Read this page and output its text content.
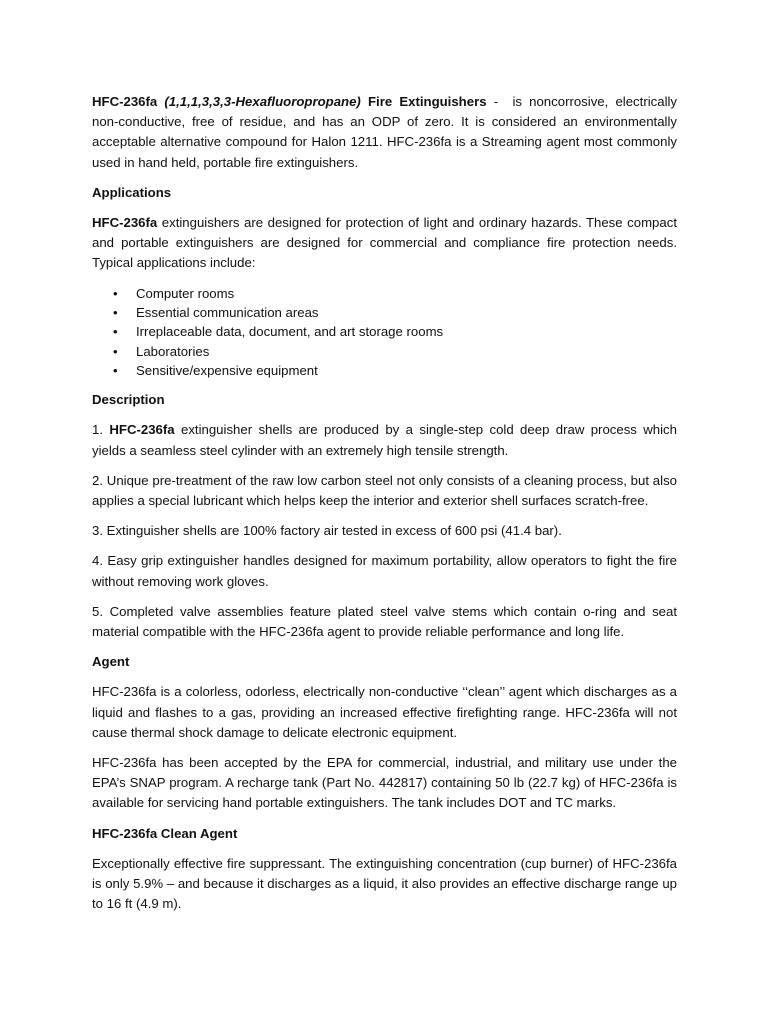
HFC-236fa (1,1,1,3,3,3-Hexafluoropropane) Fire Extinguishers - is noncorrosive, electrically non-conductive, free of residue, and has an ODP of zero. It is considered an environmentally acceptable alternative compound for Halon 1211. HFC-236fa is a Streaming agent most commonly used in hand held, portable fire extinguishers.

Applications

HFC-236fa extinguishers are designed for protection of light and ordinary hazards. These compact and portable extinguishers are designed for commercial and compliance fire protection needs. Typical applications include:

• Computer rooms
• Essential communication areas
• Irreplaceable data, document, and art storage rooms
• Laboratories
• Sensitive/expensive equipment
Description

1. HFC-236fa extinguisher shells are produced by a single-step cold deep draw process which yields a seamless steel cylinder with an extremely high tensile strength.

2. Unique pre-treatment of the raw low carbon steel not only consists of a cleaning process, but also applies a special lubricant which helps keep the interior and exterior shell surfaces scratch-free.

3. Extinguisher shells are 100% factory air tested in excess of 600 psi (41.4 bar).

4. Easy grip extinguisher handles designed for maximum portability, allow operators to fight the fire without removing work gloves.

5. Completed valve assemblies feature plated steel valve stems which contain o-ring and seat material compatible with the HFC-236fa agent to provide reliable performance and long life.

Agent

HFC-236fa is a colorless, odorless, electrically non-conductive ‘‘clean’’ agent which discharges as a liquid and flashes to a gas, providing an increased effective firefighting range. HFC-236fa will not cause thermal shock damage to delicate electronic equipment.

HFC-236fa has been accepted by the EPA for commercial, industrial, and military use under the EPA’s SNAP program. A recharge tank (Part No. 442817) containing 50 lb (22.7 kg) of HFC-236fa is available for servicing hand portable extinguishers. The tank includes DOT and TC marks.

HFC-236fa Clean Agent

Exceptionally effective fire suppressant. The extinguishing concentration (cup burner) of HFC-236fa is only 5.9% – and because it discharges as a liquid, it also provides an effective discharge range up to 16 ft (4.9 m).
